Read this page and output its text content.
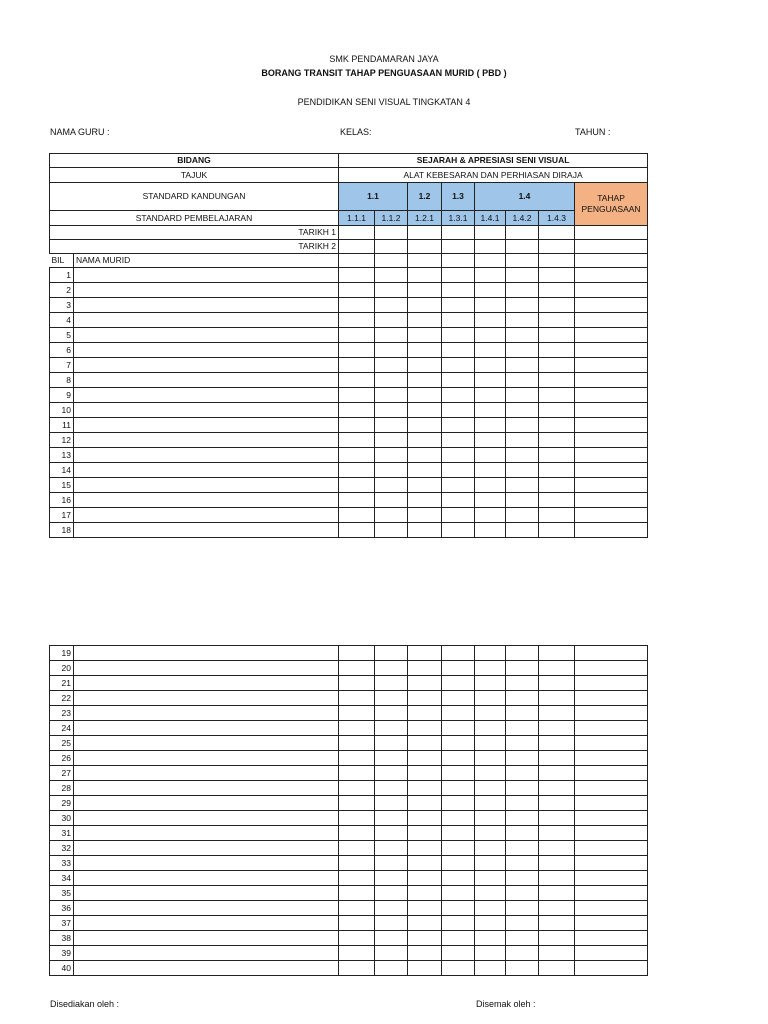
SMK PENDAMARAN JAYA
BORANG TRANSIT TAHAP PENGUASAAN MURID ( PBD )
PENDIDIKAN SENI VISUAL TINGKATAN 4
NAMA GURU :	KELAS:	TAHUN :
BIDANG		SEJARAH & APRESIASI SENI VISUAL							
TAJUK		ALAT KEBESARAN DAN PERHIASAN DIRAJA							
STANDARD KANDUNGAN		1.1		1.2	1.3	1.4			TAHAP
PENGUASAAN

STANDARD PEMBELAJARAN		1.1.1	1.1.2	1.2.1	1.3.1	1.4.1	1.4.2	1.4.3	
TARIKH 1									
TARIKH 2									
BIL	NAMA MURID								
1									
2									
3									
4									
5									
6									
7									
8									
9									
10									
11									
12									
13									
14									
15									
16									
17									
18									
19									
20									
21									
22									
23									
24									
25									
26									
27									
28									
29									
30									
31									
32									
33									
34									
35									
36									
37									
38									
39									
40									
Disediakan oleh :	Disemak oleh :
